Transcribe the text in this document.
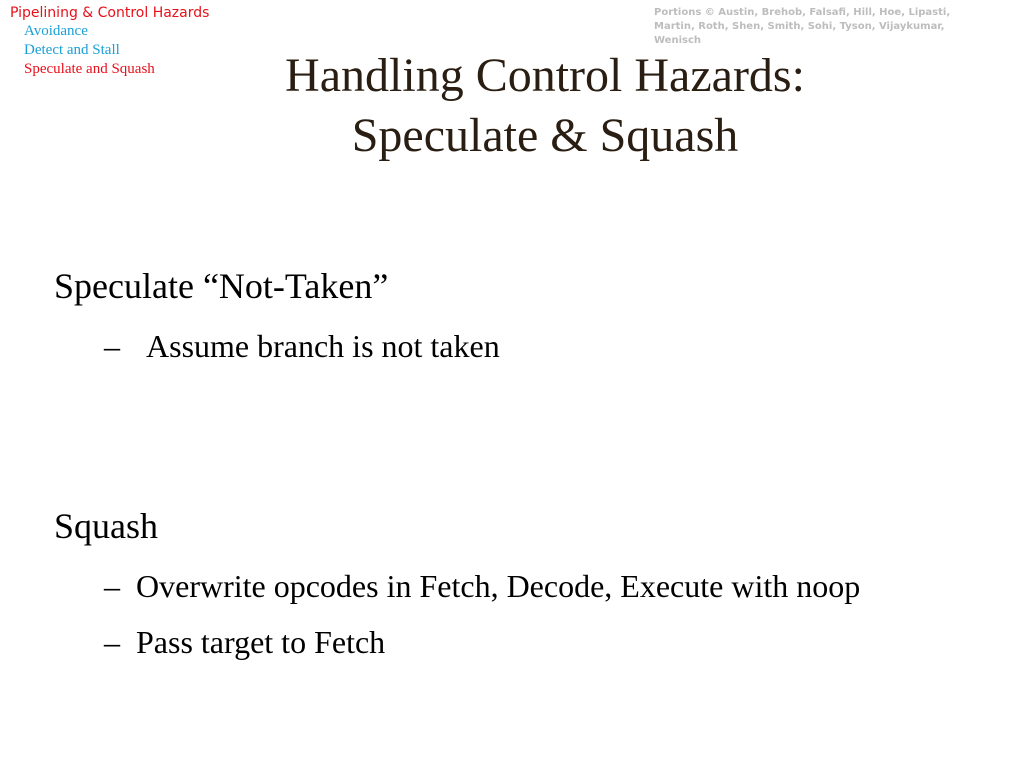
Pipelining & Control Hazards
Avoidance
Detect and Stall
Speculate and Squash
Portions © Austin, Brehob, Falsafi, Hill, Hoe, Lipasti, Martin, Roth, Shen, Smith, Sohi, Tyson, Vijaykumar, Wenisch
Handling Control Hazards:
Speculate & Squash
Speculate “Not-Taken”
– Assume branch is not taken
Squash
– Overwrite opcodes in Fetch, Decode, Execute with noop
– Pass target to Fetch
